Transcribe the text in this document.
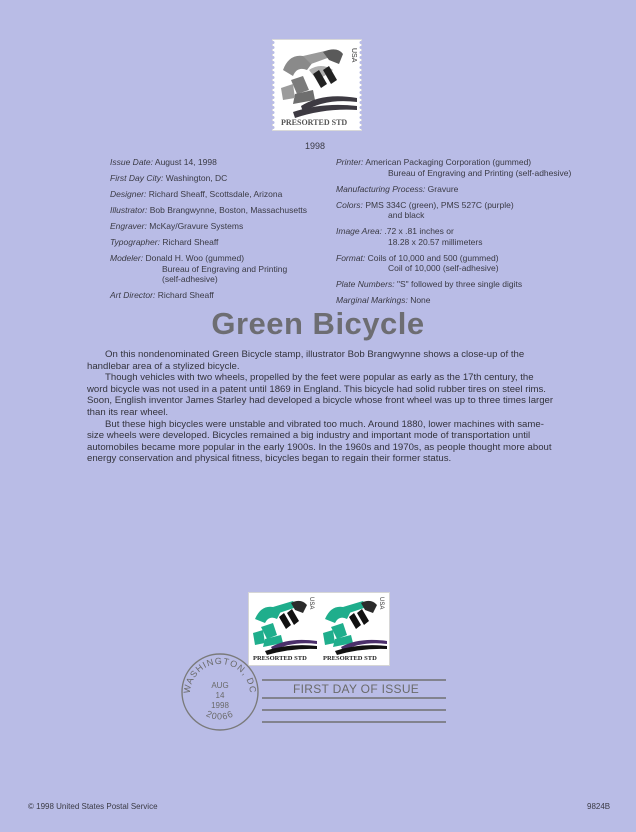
USA
PRESORTED STD
1998
Issue Date: August 14, 1998
First Day City: Washington, DC
Designer: Richard Sheaff, Scottsdale, Arizona
Illustrator: Bob Brangwynne, Boston, Massachusetts
Engraver: McKay/Gravure Systems
Typographer: Richard Sheaff
Modeler: Donald H. Woo (gummed)
Bureau of Engraving and Printing
(self-adhesive)
Art Director: Richard Sheaff
Printer: American Packaging Corporation (gummed)
Bureau of Engraving and Printing (self-adhesive)
Manufacturing Process: Gravure
Colors: PMS 334C (green), PMS 527C (purple)
and black
Image Area: .72 x .81 inches or
18.28 x 20.57 millimeters
Format: Coils of 10,000 and 500 (gummed)
Coil of 10,000 (self-adhesive)
Plate Numbers: "S" followed by three single digits
Marginal Markings: None
Green Bicycle

On this nondenominated Green Bicycle stamp, illustrator Bob Brangwynne shows a close-up of the handlebar area of a stylized bicycle.

Though vehicles with two wheels, propelled by the feet were popular as early as the 17th century, the word bicycle was not used in a patent until 1869 in England. This bicycle had solid rubber tires on steel rims. Soon, English inventor James Starley had developed a bicycle whose front wheel was up to three times larger than its rear wheel.

But these high bicycles were unstable and vibrated too much. Around 1880, lower machines with same-size wheels were developed. Bicycles remained a big industry and important mode of transportation until automobiles became more popular in the early 1900s. In the 1960s and 1970s, as people thought more about energy conservation and physical fitness, bicycles began to regain their former status.

USA
PRESORTED STD
USA
PRESORTED STD
FIRST DAY OF ISSUE
WASHINGTON, DC
20066
AUG
14
1998
© 1998 United States Postal Service	9824B
